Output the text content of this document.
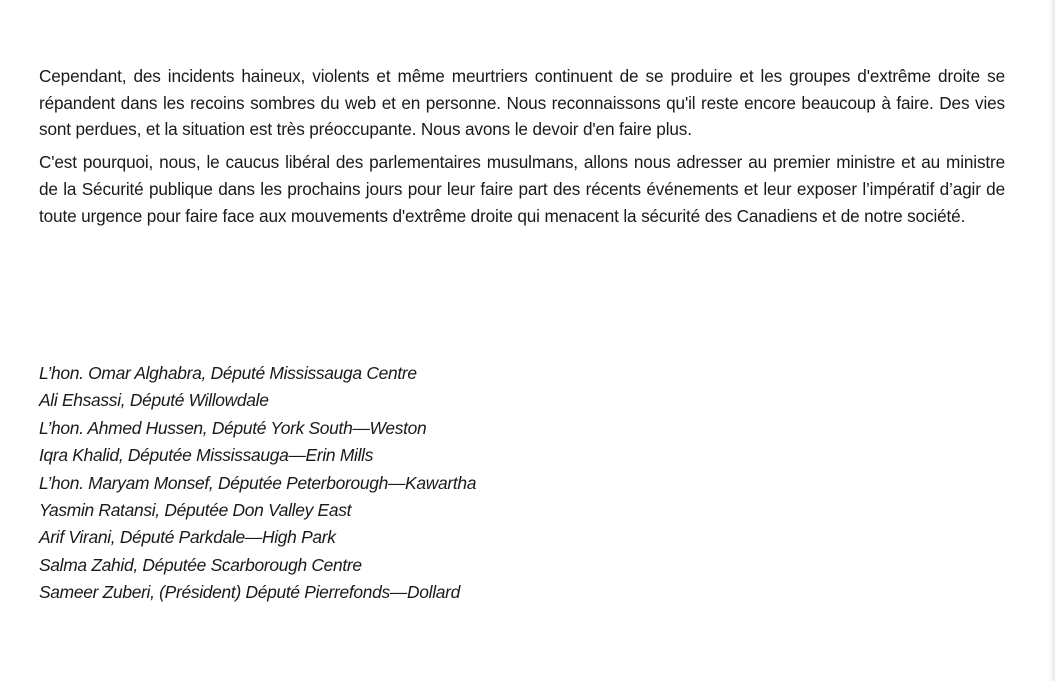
Cependant, des incidents haineux, violents et même meurtriers continuent de se produire et les groupes d'extrême droite se répandent dans les recoins sombres du web et en personne. Nous reconnaissons qu'il reste encore beaucoup à faire. Des vies sont perdues, et la situation est très préoccupante. Nous avons le devoir d'en faire plus.

C'est pourquoi, nous, le caucus libéral des parlementaires musulmans, allons nous adresser au premier ministre et au ministre de la Sécurité publique dans les prochains jours pour leur faire part des récents événements et leur exposer l’impératif d’agir de toute urgence pour faire face aux mouvements d'extrême droite qui menacent la sécurité des Canadiens et de notre société.

L’hon. Omar Alghabra, Député Mississauga Centre
Ali Ehsassi, Député Willowdale
L’hon. Ahmed Hussen, Député York South—Weston
Iqra Khalid, Députée Mississauga—Erin Mills
L’hon. Maryam Monsef, Députée Peterborough—Kawartha
Yasmin Ratansi, Députée Don Valley East
Arif Virani, Député Parkdale—High Park
Salma Zahid, Députée Scarborough Centre
Sameer Zuberi, (Président) Député Pierrefonds—Dollard
